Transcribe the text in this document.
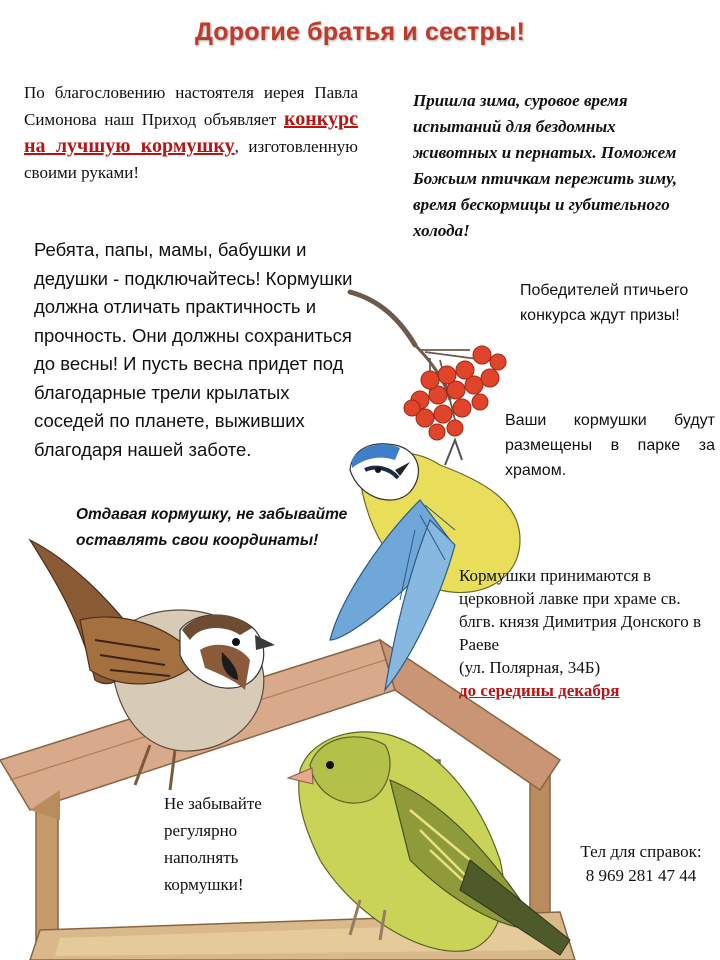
Дорогие братья и сестры!
По благословению настоятеля иерея Павла Симонова наш Приход объявляет конкурс на лучшую кормушку, изготовленную своими руками!
Пришла зима, суровое время испытаний для бездомных животных и пернатых. Поможем Божьим птичкам пережить зиму, время бескормицы и губительного холода!
Ребята, папы, мамы, бабушки и дедушки - подключайтесь! Кормушки должна отличать практичность и прочность. Они должны сохраниться до весны! И пусть весна придет под благодарные трели крылатых соседей по планете, выживших благодаря нашей заботе.
Отдавая кормушку, не забывайте оставлять свои координаты!
Победителей птичьего конкурса ждут призы!
Ваши кормушки будут размещены в парке за храмом.
Кормушки принимаются в церковной лавке при храме св. блгв. князя Димитрия Донского в Раеве
(ул. Полярная, 34Б)
до середины декабря
Не забывайте регулярно наполнять кормушки!
Тел для справок:
8 969 281 47 44
